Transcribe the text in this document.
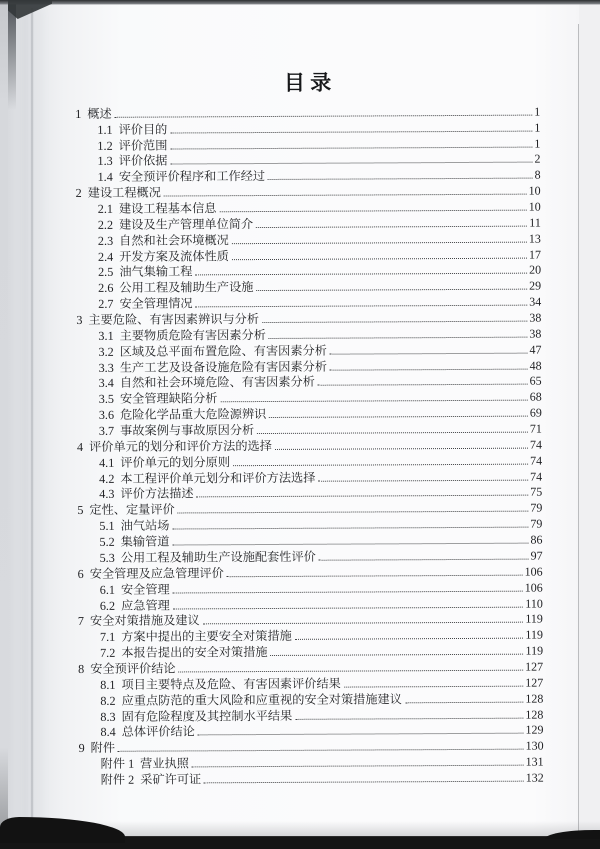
目 录
1 概述	1
1.1 评价目的	1
1.2 评价范围	1
1.3 评价依据	2
1.4 安全预评价程序和工作经过	8
2 建设工程概况	10
2.1 建设工程基本信息	10
2.2 建设及生产管理单位简介	11
2.3 自然和社会环境概况	13
2.4 开发方案及流体性质	17
2.5 油气集输工程	20
2.6 公用工程及辅助生产设施	29
2.7 安全管理情况	34
3 主要危险、有害因素辨识与分析	38
3.1 主要物质危险有害因素分析	38
3.2 区域及总平面布置危险、有害因素分析	47
3.3 生产工艺及设备设施危险有害因素分析	48
3.4 自然和社会环境危险、有害因素分析	65
3.5 安全管理缺陷分析	68
3.6 危险化学品重大危险源辨识	69
3.7 事故案例与事故原因分析	71
4 评价单元的划分和评价方法的选择	74
4.1 评价单元的划分原则	74
4.2 本工程评价单元划分和评价方法选择	74
4.3 评价方法描述	75
5 定性、定量评价	79
5.1 油气站场	79
5.2 集输管道	86
5.3 公用工程及辅助生产设施配套性评价	97
6 安全管理及应急管理评价	106
6.1 安全管理	106
6.2 应急管理	110
7 安全对策措施及建议	119
7.1 方案中提出的主要安全对策措施	119
7.2 本报告提出的安全对策措施	119
8 安全预评价结论	127
8.1 项目主要特点及危险、有害因素评价结果	127
8.2 应重点防范的重大风险和应重视的安全对策措施建议	128
8.3 固有危险程度及其控制水平结果	128
8.4 总体评价结论	129
9 附件	130
附件 1 营业执照	131
附件 2 采矿许可证	132
